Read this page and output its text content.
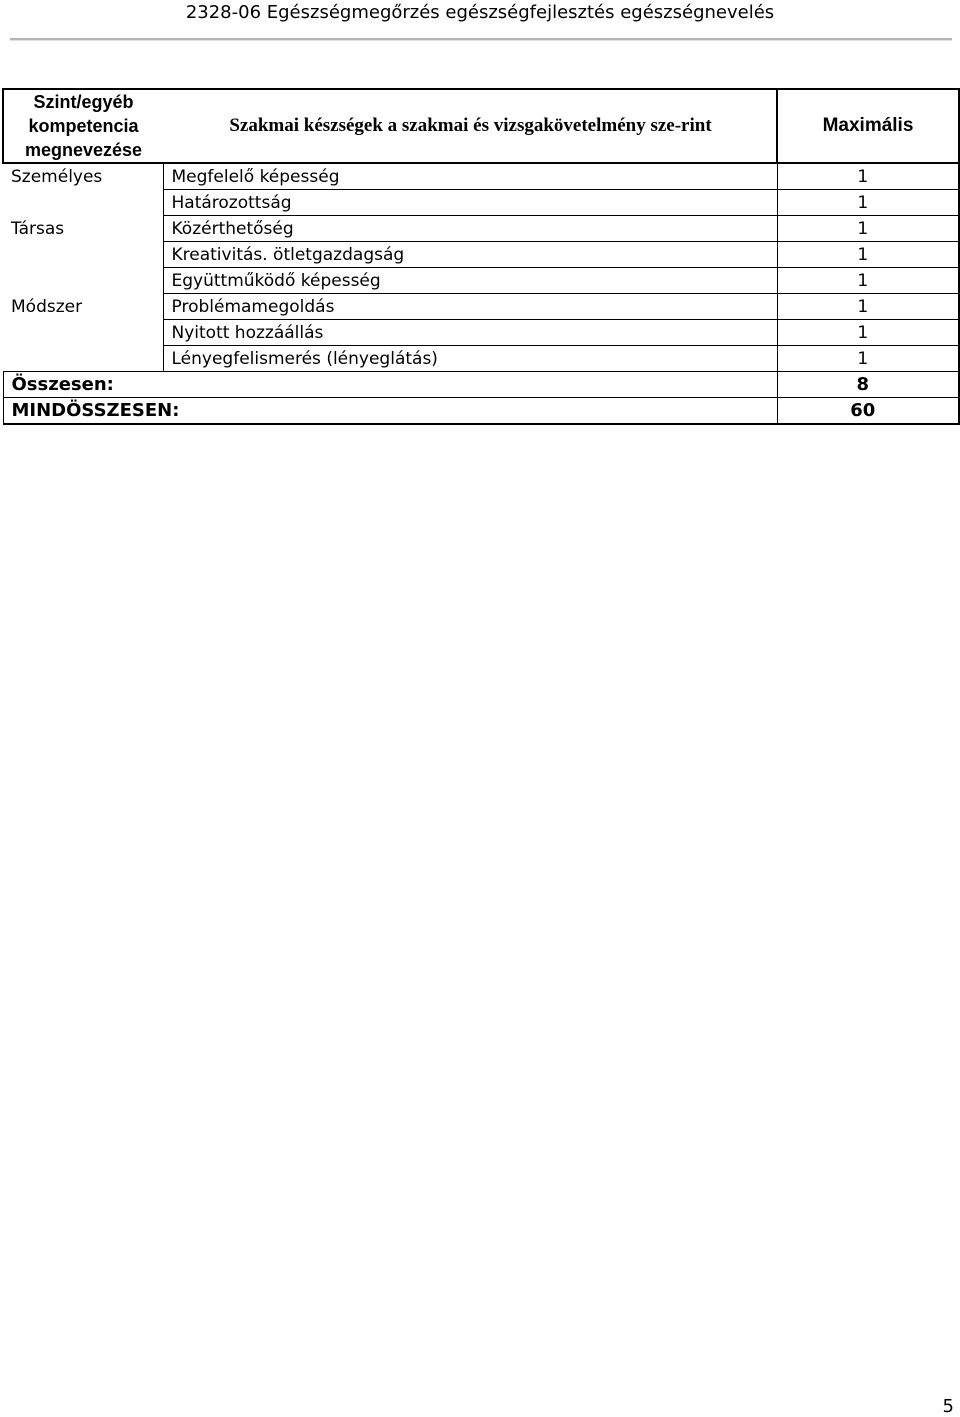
2328-06 Egészségmegőrzés egészségfejlesztés egészségnevelés
Szint/egyéb kompetencia megnevezése	Szakmai készségek a szakmai és vizsgakövetelmény sze-rint	Maximális
Személyes	Megfelelő képesség	1
	Határozottság	1
Társas	Közérthetőség	1
	Kreativitás. ötletgazdagság	1
	Együttműködő képesség	1
Módszer	Problémamegoldás	1
	Nyitott hozzáállás	1
	Lényegfelismerés (lényeglátás)	1
Összesen:		8
MINDÖSSZESEN:		60
5
